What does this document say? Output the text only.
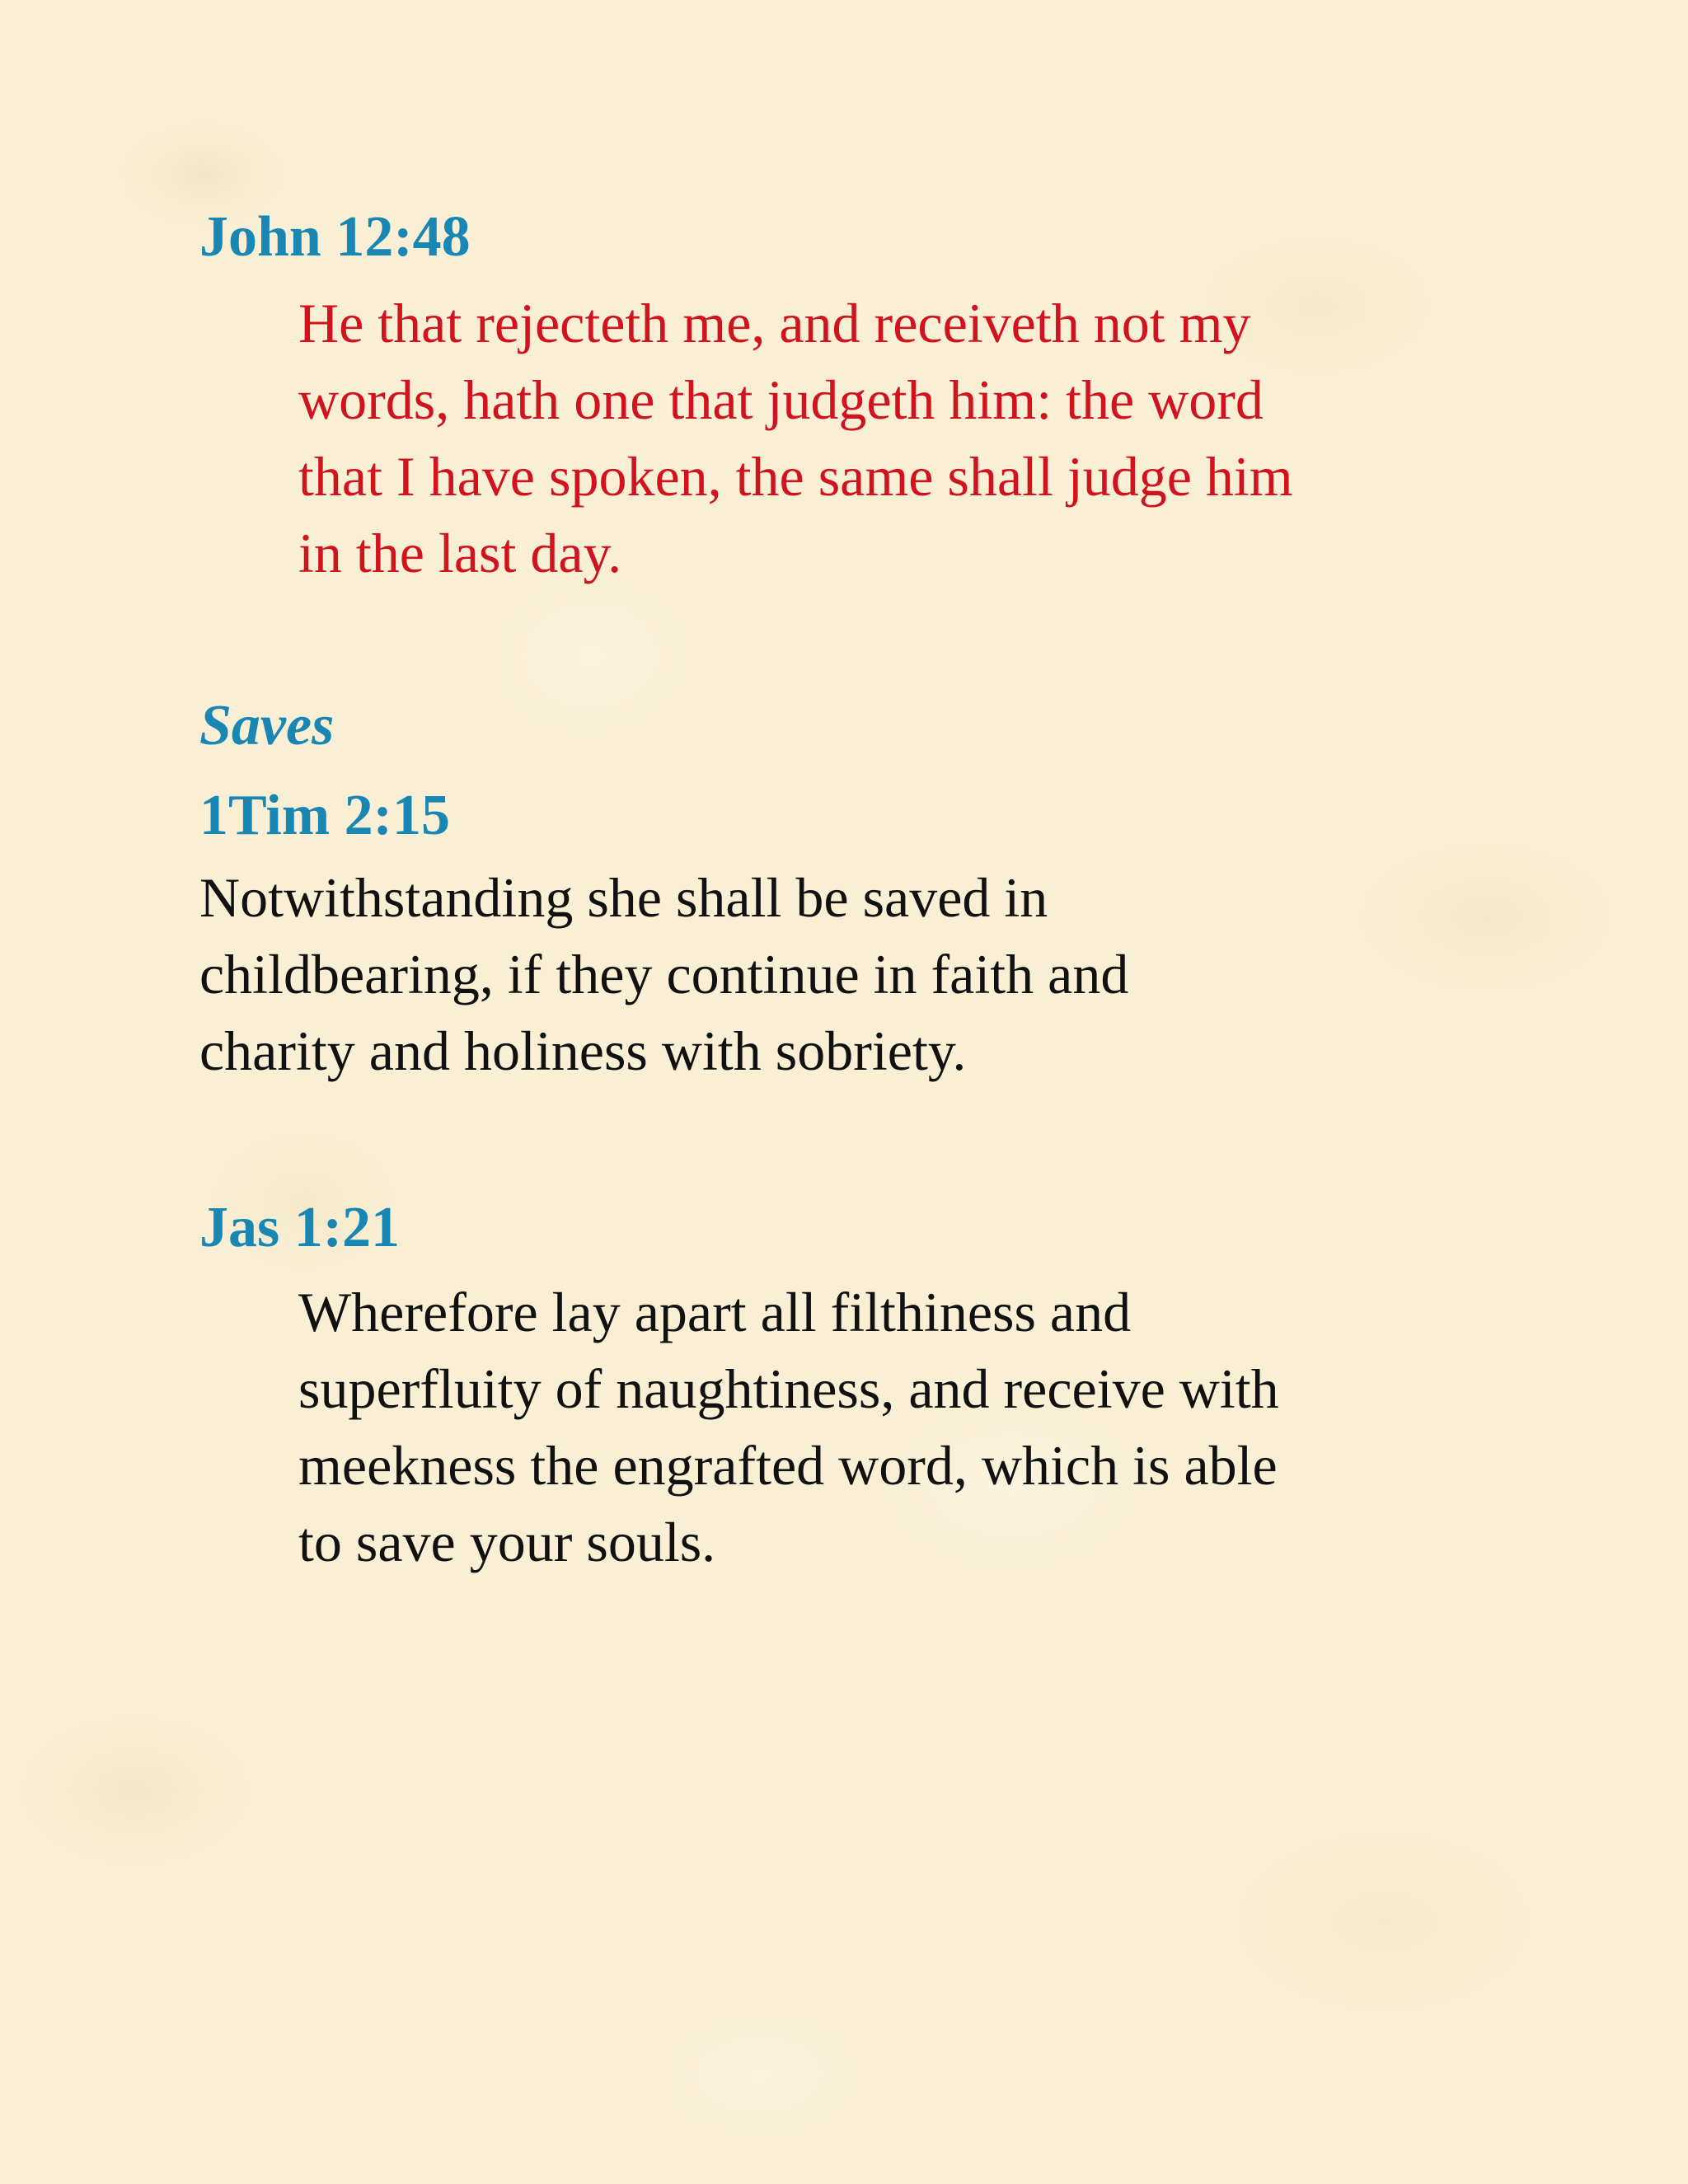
John 12:48

He that rejecteth me, and receiveth not my
words, hath one that judgeth him: the word
that I have spoken, the same shall judge him
in the last day.

Saves
1Tim 2:15

Notwithstanding she shall be saved in
childbearing, if they continue in faith and
charity and holiness with sobriety.

Jas 1:21

Wherefore lay apart all filthiness and
superfluity of naughtiness, and receive with
meekness the engrafted word, which is able
to save your souls.
